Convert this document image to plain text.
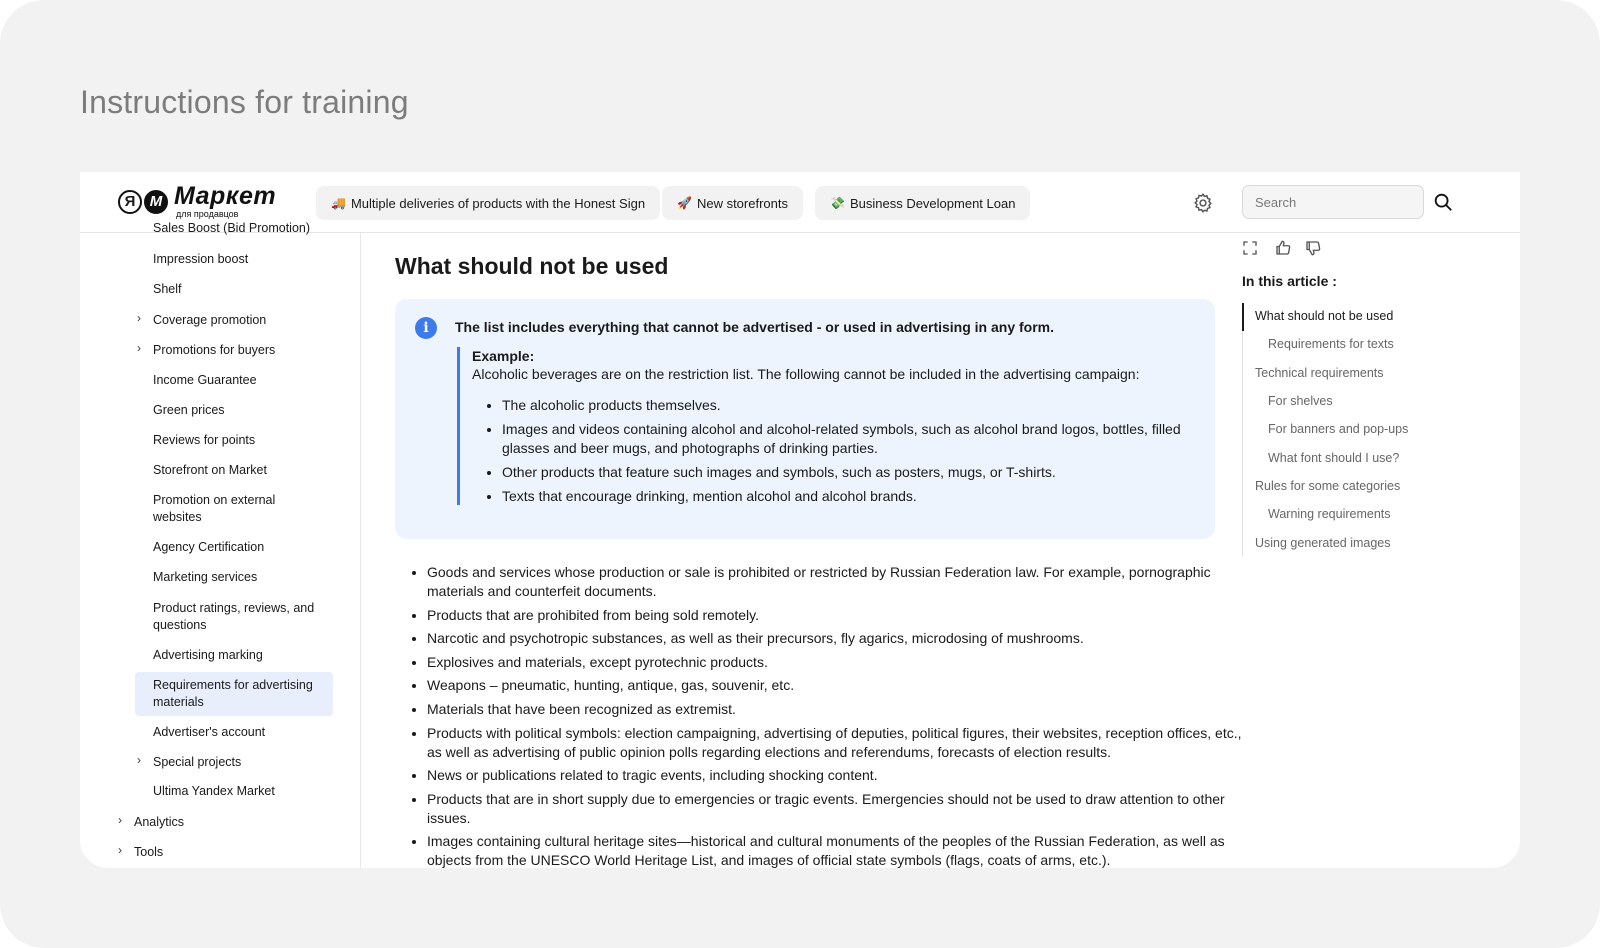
Instructions for training
Я М Маркет
для продавцов
🚚 Multiple deliveries of products with the Honest Sign	🚀 New storefronts	💸 Business Development Loan
Search
Sales Boost (Bid Promotion)
Impression boost
Shelf
› Coverage promotion
› Promotions for buyers
Income Guarantee
Green prices
Reviews for points
Storefront on Market
Promotion on external websites
Agency Certification
Marketing services
Product ratings, reviews, and questions
Advertising marking
Requirements for advertising materials
Advertiser's account
› Special projects
Ultima Yandex Market
› Analytics
› Tools
What should not be used
i	The list includes everything that cannot be advertised - or used in advertising in any form.
Example:
Alcoholic beverages are on the restriction list. The following cannot be included in the advertising campaign:
• The alcoholic products themselves.
• Images and videos containing alcohol and alcohol-related symbols, such as alcohol brand logos, bottles, filled glasses and beer mugs, and photographs of drinking parties.
• Other products that feature such images and symbols, such as posters, mugs, or T-shirts.
• Texts that encourage drinking, mention alcohol and alcohol brands.
• Goods and services whose production or sale is prohibited or restricted by Russian Federation law. For example, pornographic materials and counterfeit documents.
• Products that are prohibited from being sold remotely.
• Narcotic and psychotropic substances, as well as their precursors, fly agarics, microdosing of mushrooms.
• Explosives and materials, except pyrotechnic products.
• Weapons – pneumatic, hunting, antique, gas, souvenir, etc.
• Materials that have been recognized as extremist.
• Products with political symbols: election campaigning, advertising of deputies, political figures, their websites, reception offices, etc., as well as advertising of public opinion polls regarding elections and referendums, forecasts of election results.
• News or publications related to tragic events, including shocking content.
• Products that are in short supply due to emergencies or tragic events. Emergencies should not be used to draw attention to other issues.
• Images containing cultural heritage sites—historical and cultural monuments of the peoples of the Russian Federation, as well as objects from the UNESCO World Heritage List, and images of official state symbols (flags, coats of arms, etc.).
In this article :
What should not be used
Requirements for texts
Technical requirements
For shelves
For banners and pop-ups
What font should I use?
Rules for some categories
Warning requirements
Using generated images
